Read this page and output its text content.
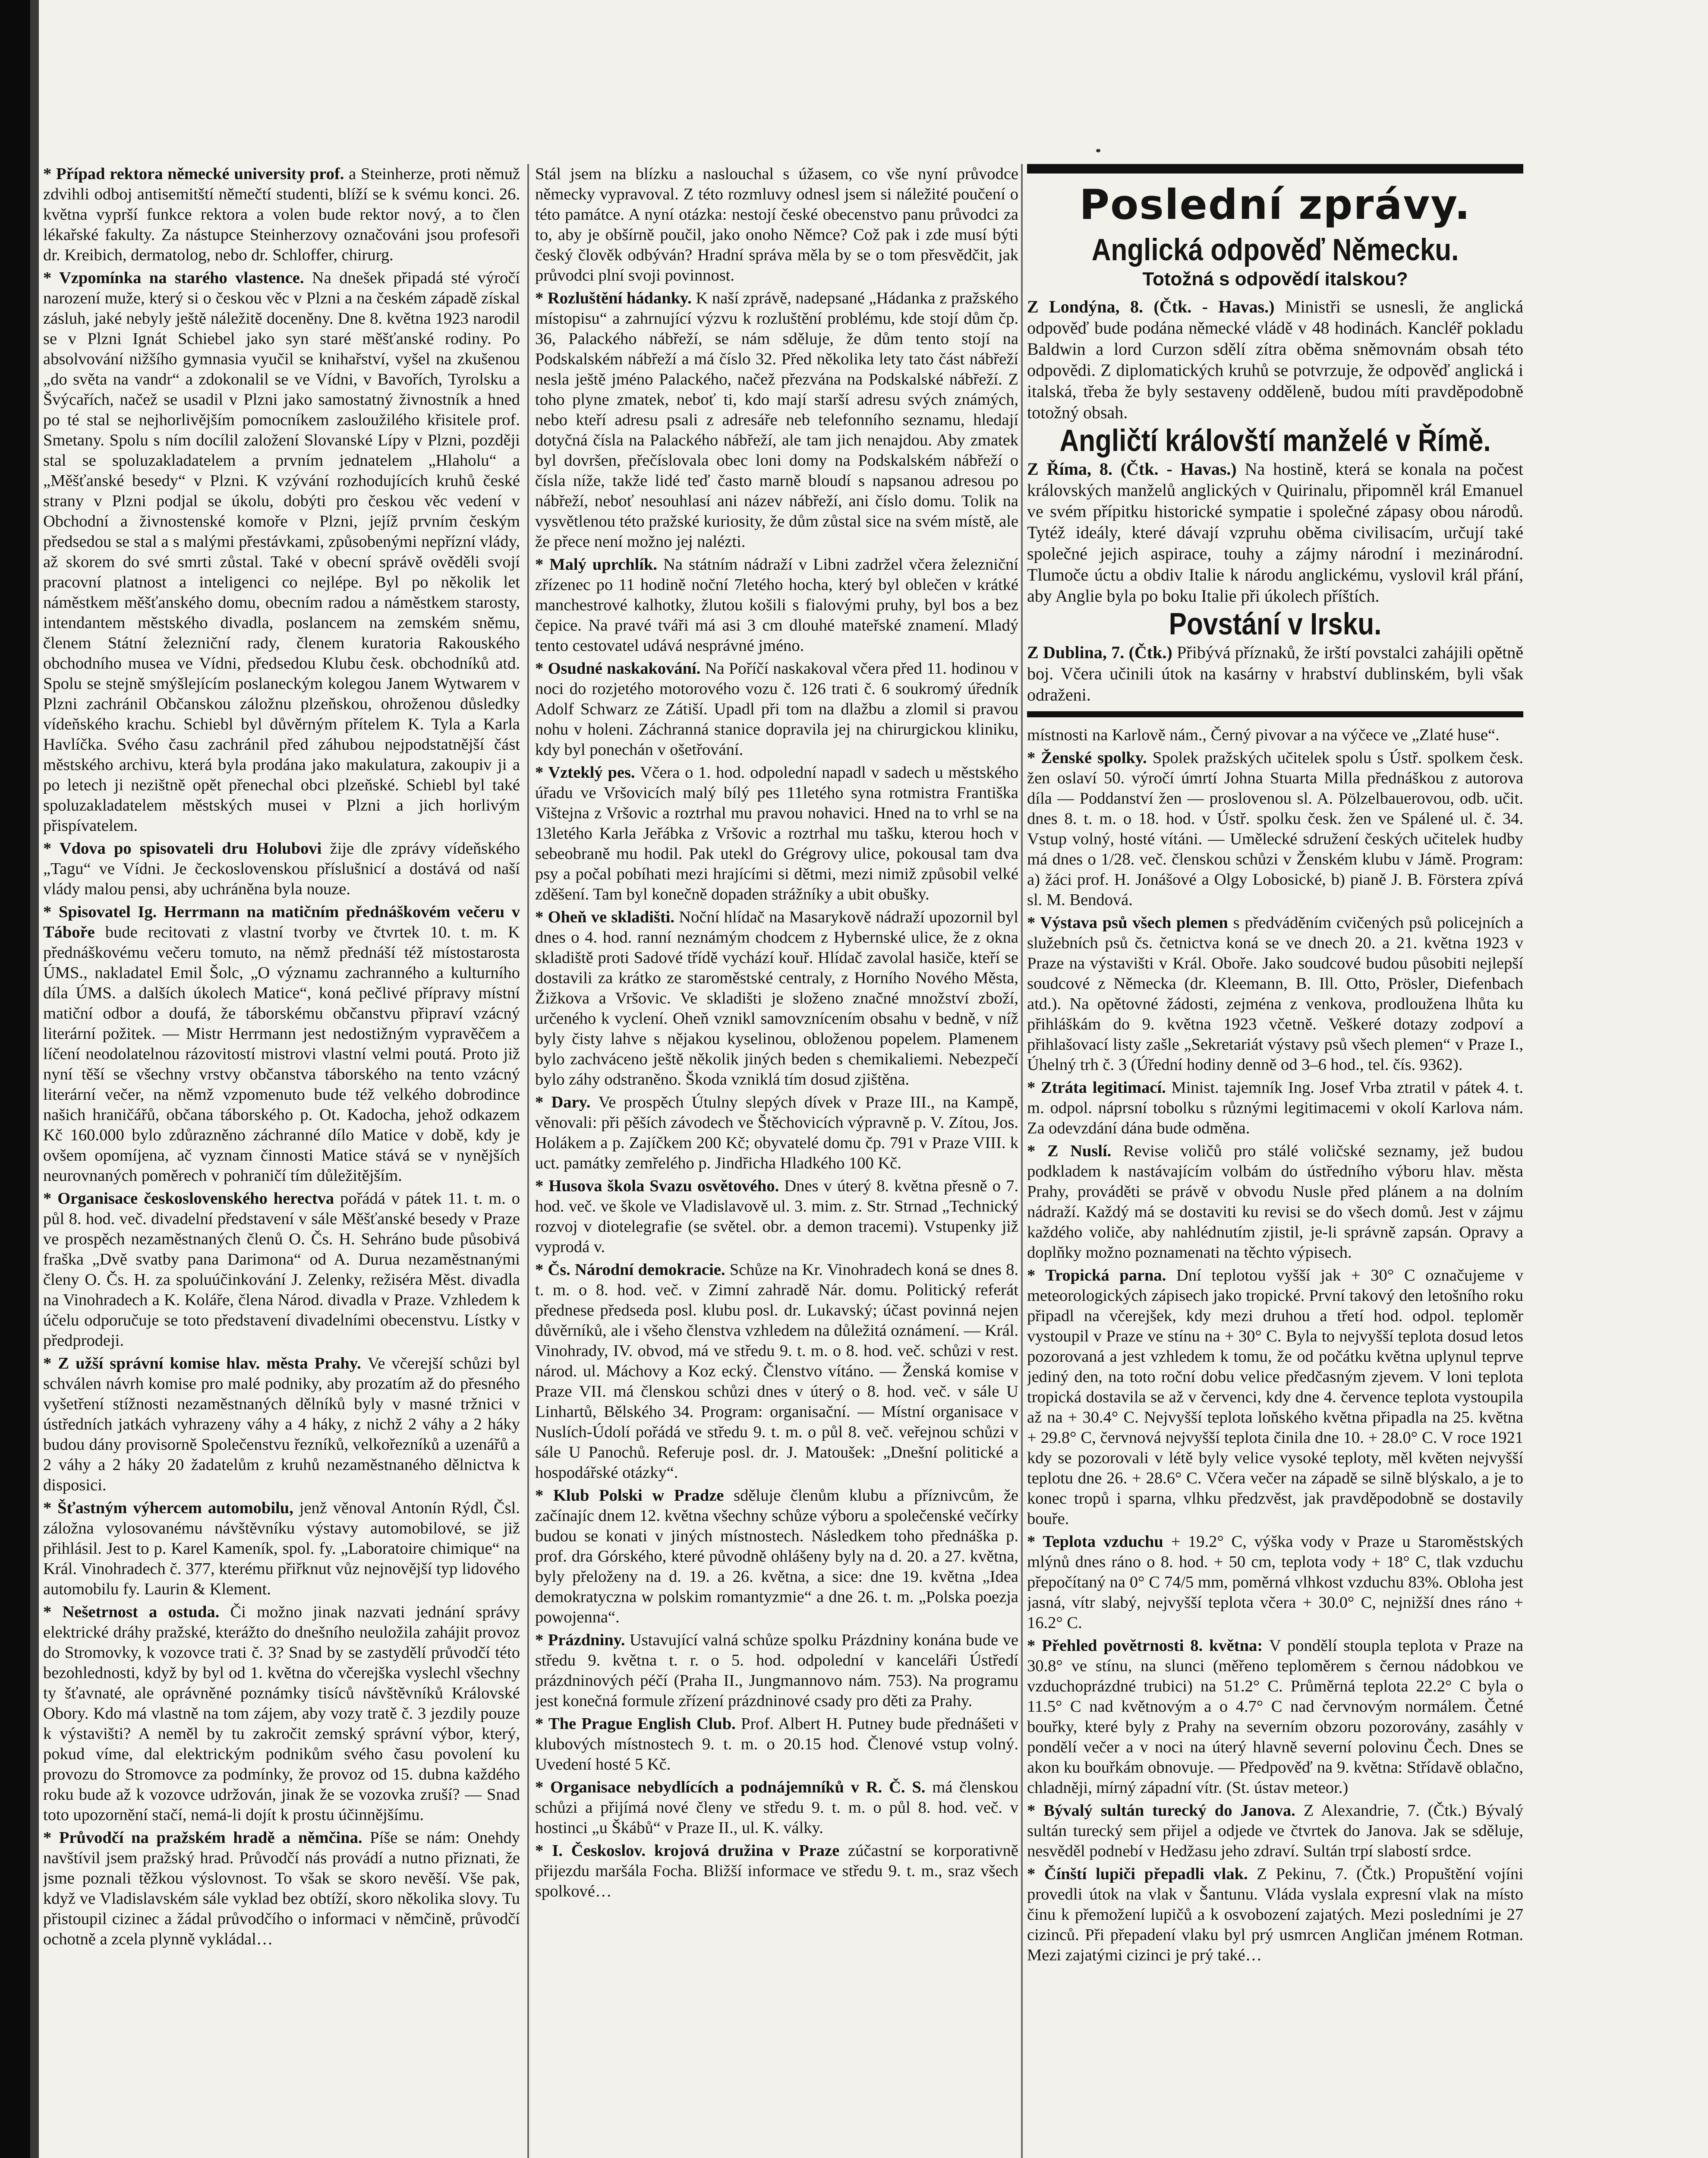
* Případ rektora německé university prof. a Steinherze, proti němuž zdvihli odboj antisemitští němečtí studenti, blíží se k svému konci. 26. května vyprší funkce rektora a volen bude rektor nový, a to člen lékařské fakulty. Za nástupce Steinherzovy označováni jsou profesoři dr. Kreibich, dermatolog, nebo dr. Schloffer, chirurg.

* Vzpomínka na starého vlastence. Na dnešek připadá sté výročí narození muže, který si o českou věc v Plzni a na českém západě získal zásluh, jaké nebyly ještě náležitě doceněny. Dne 8. května 1923 narodil se v Plzni Ignát Schiebel jako syn staré měšťanské rodiny. Po absolvování nižšího gymnasia vyučil se knihařství, vyšel na zkušenou „do světa na vandr“ a zdokonalil se ve Vídni, v Bavořích, Tyrolsku a Švýcařích, načež se usadil v Plzni jako samostatný živnostník a hned po té stal se nejhorlivějším pomocníkem zasloužilého křisitele prof. Smetany. Spolu s ním docílil založení Slovanské Lípy v Plzni, později stal se spoluzakladatelem a prvním jednatelem „Hlaholu“ a „Měšťanské besedy“ v Plzni. K vzývání rozhodujících kruhů české strany v Plzni podjal se úkolu, dobýti pro českou věc vedení v Obchodní a živnostenské komoře v Plzni, jejíž prvním českým předsedou se stal a s malými přestávkami, způsobenými nepřízní vlády, až skorem do své smrti zůstal. Také v obecní správě ověděli svojí pracovní platnost a inteligenci co nejlépe. Byl po několik let náměstkem měšťanského domu, obecním radou a náměstkem starosty, intendantem městského divadla, poslancem na zemském sněmu, členem Státní železniční rady, členem kuratoria Rakouského obchodního musea ve Vídni, předsedou Klubu česk. obchodníků atd. Spolu se stejně smýšlejícím poslaneckým kolegou Janem Wytwarem v Plzni zachránil Občanskou záložnu plzeňskou, ohroženou důsledky vídeňského krachu. Schiebl byl důvěrným přítelem K. Tyla a Karla Havlíčka. Svého času zachránil před záhubou nejpodstatnější část městského archivu, která byla prodána jako makulatura, zakoupiv ji a po letech ji nezištně opět přenechal obci plzeňské. Schiebl byl také spoluzakladatelem městských musei v Plzni a jich horlivým přispívatelem.

* Vdova po spisovateli dru Holubovi žije dle zprávy vídeňského „Tagu“ ve Vídni. Je čeckoslovenskou příslušnicí a dostává od naší vlády malou pensi, aby uchráněna byla nouze.

* Spisovatel Ig. Herrmann na matičním přednáškovém večeru v Táboře bude recitovati z vlastní tvorby ve čtvrtek 10. t. m. K přednáškovému večeru tomuto, na němž přednáší též místostarosta ÚMS., nakladatel Emil Šolc, „O významu zachranného a kulturního díla ÚMS. a dalších úkolech Matice“, koná pečlivé přípravy místní matiční odbor a doufá, že táborskému občanstvu připraví vzácný literární požitek. — Mistr Herrmann jest nedostižným vypravěčem a líčení neodolatelnou rázovitostí mistrovi vlastní velmi poutá. Proto již nyní těší se všechny vrstvy občanstva táborského na tento vzácný literární večer, na němž vzpomenuto bude též velkého dobrodince našich hraničářů, občana táborského p. Ot. Kadocha, jehož odkazem Kč 160.000 bylo zdůrazněno záchranné dílo Matice v době, kdy je ovšem opomíjena, ač vyznam činnosti Matice stává se v nynějších neurovnaných poměrech v pohraničí tím důležitějším.

* Organisace československého herectva pořádá v pátek 11. t. m. o půl 8. hod. več. divadelní představení v sále Měšťanské besedy v Praze ve prospěch nezaměstnaných členů O. Čs. H. Sehráno bude působivá fraška „Dvě svatby pana Darimona“ od A. Duruа nezaměstnanými členy O. Čs. H. za spoluúčinkování J. Zelenky, režiséra Měst. divadla na Vinohradech a K. Koláře, člena Národ. divadla v Praze. Vzhledem k účelu odporučuje se toto představení divadelními obecenstvu. Lístky v předprodeji.

* Z užší správní komise hlav. města Prahy. Ve včerejší schůzi byl schválen návrh komise pro malé podniky, aby prozatím až do přesného vyšetření stížnosti nezaměstnaných dělníků byly v masné tržnici v ústředních jatkách vyhrazeny váhy a 4 háky, z nichž 2 váhy a 2 háky budou dány provisorně Společenstvu řezníků, velkořezníků a uzenářů a 2 váhy a 2 háky 20 žadatelům z kruhů nezaměstnaného dělnictva k disposici.

* Šťastným výhercem automobilu, jenž věnoval Antonín Rýdl, Čsl. záložna vylosovanému návštěvníku výstavy automobilové, se již přihlásil. Jest to p. Karel Kameník, spol. fy. „Laboratoire chimique“ na Král. Vinohradech č. 377, kterému přiřknut vůz nejnovější typ lidového automobilu fy. Laurin & Klement.

* Nešetrnost a ostuda. Či možno jinak nazvati jednání správy elektrické dráhy pražské, kterážto do dnešního neuložila zahájit provoz do Stromovky, k vozovce trati č. 3? Snad by se zastydělí průvodčí této bezohlednosti, když by byl od 1. května do včerejška vyslechl všechny ty šťavnaté, ale oprávněné poznámky tisíců návštěvníků Královské Obory. Kdo má vlastně na tom zájem, aby vozy tratě č. 3 jezdily pouze k výstavišti? A neměl by tu zakročit zemský správní výbor, který, pokud víme, dal elektrickým podnikům svého času povolení ku provozu do Stromovce za podmínky, že provoz od 15. dubna každého roku bude až k vozovce udržován, jinak že se vozovka zruší? — Snad toto upozornění stačí, nemá-li dojít k prostu účinnějšímu.

* Průvodčí na pražském hradě a němčina. Píše se nám: Onehdy navštívil jsem pražský hrad. Průvodčí nás provádí a nutno přiznati, že jsme poznali těžkou výslovnost. To však se skoro nevěší. Vše pak, když ve Vladislavském sále vyklad bez obtíží, skoro několika slovy. Tu přistoupil cizinec a žádal průvodčího o informaci v němčině, průvodčí ochotně a zcela plynně vykládal…

Stál jsem na blízku a naslouchal s úžasem, co vše nyní průvodce německy vypravoval. Z této rozmluvy odnesl jsem si náležité poučení o této památce. A nyní otázka: nestojí české obecenstvo panu průvodci za to, aby je obšírně poučil, jako onoho Němce? Což pak i zde musí býti český člověk odbýván? Hradní správa měla by se o tom přesvědčit, jak průvodci plní svoji povinnost.

* Rozluštění hádanky. K naší zprávě, nadepsané „Hádanka z pražského místopisu“ a zahrnující výzvu k rozluštění problému, kde stojí dům čp. 36, Palackého nábřeží, se nám sděluje, že dům tento stojí na Podskalském nábřeží a má číslo 32. Před několika lety tato část nábřeží nesla ještě jméno Palackého, načež přezvána na Podskalské nábřeží. Z toho plyne zmatek, neboť ti, kdo mají starší adresu svých známých, nebo kteří adresu psali z adresáře neb telefonního seznamu, hledají dotyčná čísla na Palackého nábřeží, ale tam jich nenajdou. Aby zmatek byl dovršen, přečíslovala obec loni domy na Podskalském nábřeží o čísla níže, takže lidé teď často marně bloudí s napsanou adresou po nábřeží, neboť nesouhlasí ani název nábřeží, ani číslo domu. Tolik na vysvětlenou této pražské kuriosity, že dům zůstal sice na svém místě, ale že přece není možno jej nalézti.

* Malý uprchlík. Na státním nádraží v Libni zadržel včera železniční zřízenec po 11 hodině noční 7letého hocha, který byl oblečen v krátké manchestrové kalhotky, žlutou košili s fialovými pruhy, byl bos a bez čepice. Na pravé tváři má asi 3 cm dlouhé mateřské znamení. Mladý tento cestovatel udává nesprávné jméno.

* Osudné naskakování. Na Poříčí naskakoval včera před 11. hodinou v noci do rozjetého motorového vozu č. 126 trati č. 6 soukromý úředník Adolf Schwarz ze Zátiší. Upadl při tom na dlažbu a zlomil si pravou nohu v holeni. Záchranná stanice dopravila jej na chirurgickou kliniku, kdy byl ponechán v ošetřování.

* Vzteklý pes. Včera o 1. hod. odpolední napadl v sadech u městského úřadu ve Vršovicích malý bílý pes 11letého syna rotmistra Františka Vištejna z Vršovic a roztrhal mu pravou nohavici. Hned na to vrhl se na 13letého Karla Jeřábka z Vršovic a roztrhal mu tašku, kterou hoch v sebeobraně mu hodil. Pak utekl do Grégrovy ulice, pokousal tam dva psy a počal pobíhati mezi hrajícími si dětmi, mezi nimiž způsobil velké zděšení. Tam byl konečně dopaden strážníky a ubit obušky.

* Oheň ve skladišti. Noční hlídač na Masarykově nádraží upozornil byl dnes o 4. hod. ranní neznámým chodcem z Hybernské ulice, že z okna skladiště proti Sadové třídě vychází kouř. Hlídač zavolal hasiče, kteří se dostavili za krátko ze staroměstské centraly, z Horního Nového Města, Žižkova a Vršovic. Ve skladišti je složeno značné množství zboží, určeného k vyclení. Oheň vznikl samovznícením obsahu v bedně, v níž byly čisty lahve s nějakou kyselinou, obloženou popelem. Plamenem bylo zachváceno ještě několik jiných beden s chemikaliemi. Nebezpečí bylo záhy odstraněno. Škoda vzniklá tím dosud zjištěna.

* Dary. Ve prospěch Útulny slepých dívek v Praze III., na Kampě, věnovali: při pěších závodech ve Štěchovicích výpravně p. V. Zítou, Jos. Holákem a p. Zajíčkem 200 Kč; obyvatelé domu čp. 791 v Praze VIII. k uct. památky zemřelého p. Jindřicha Hladkého 100 Kč.

* Husova škola Svazu osvětového. Dnes v úterý 8. května přesně o 7. hod. več. ve škole ve Vladislavově ul. 3. mim. z. Str. Strnad „Technický rozvoj v diotelegrafie (se světel. obr. a demon tracemi). Vstupenky již vyprodá v.

* Čs. Národní demokracie. Schůze na Kr. Vinohradech koná se dnes 8. t. m. o 8. hod. več. v Zimní zahradě Nár. domu. Politický referát přednese předseda posl. klubu posl. dr. Lukavský; účast povinná nejen důvěrníků, ale i všeho členstva vzhledem na důležitá oznámení. — Král. Vinohrady, IV. obvod, má ve středu 9. t. m. o 8. hod. več. schůzi v rest. národ. ul. Máchovy a Koz ecký. Členstvo vítáno. — Ženská komise v Praze VII. má členskou schůzi dnes v úterý o 8. hod. več. v sále U Linhartů, Bělského 34. Program: organisační. — Místní organisace v Nuslích-Údolí pořádá ve středu 9. t. m. o půl 8. več. veřejnou schůzi v sále U Panochů. Referuje posl. dr. J. Matoušek: „Dnešní politické a hospodářské otázky“.

* Klub Polski w Pradze sděluje členům klubu a příznivcům, že začínajíc dnem 12. května všechny schůze výboru a společenské večírky budou se konati v jiných místnostech. Následkem toho přednáška p. prof. dra Górského, které původně ohlášeny byly na d. 20. a 27. května, byly přeloženy na d. 19. a 26. května, a sice: dne 19. května „Idea demokratyczna w polskim romantyzmie“ a dne 26. t. m. „Polska poezja powojenna“.

* Prázdniny. Ustavující valná schůze spolku Prázdniny konána bude ve středu 9. května t. r. o 5. hod. odpolední v kanceláři Ústředí prázdninových péčí (Praha II., Jungmannovo nám. 753). Na programu jest konečná formule zřízení prázdninové csady pro děti za Prahy.

* The Prague English Club. Prof. Albert H. Putney bude přednášeti v klubových místnostech 9. t. m. o 20.15 hod. Členové vstup volný. Uvedení hosté 5 Kč.

* Organisace nebydlících a podnájemníků v R. Č. S. má členskou schůzi a přijímá nové členy ve středu 9. t. m. o půl 8. hod. več. v hostinci „u Škábů“ v Praze II., ul. K. války.

* I. Českoslov. krojová družina v Praze zúčastní se korporativně přijezdu maršála Focha. Bližší informace ve středu 9. t. m., sraz všech spolkové…

Poslední zprávy.
Anglická odpověď Německu.
Totožná s odpovědí italskou?

Z Londýna, 8. (Čtk. - Havas.) Ministři se usnesli, že anglická odpověď bude podána německé vládě v 48 hodinách. Kancléř pokladu Baldwin a lord Curzon sdělí zítra oběma sněmovnám obsah této odpovědi. Z diplomatických kruhů se potvrzuje, že odpověď anglická i italská, třeba že byly sestaveny odděleně, budou míti pravděpodobně totožný obsah.

Angličtí královští manželé v Římě.

Z Říma, 8. (Čtk. - Havas.) Na hostině, která se konala na počest královských manželů anglických v Quirinalu, připomněl král Emanuel ve svém přípitku historické sympatie i společné zápasy obou národů. Tytéž ideály, které dávají vzpruhu oběma civilisacím, určují také společné jejich aspirace, touhy a zájmy národní i mezinárodní. Tlumoče úctu a obdiv Italie k národu anglickému, vyslovil král přání, aby Anglie byla po boku Italie při úkolech příštích.

Povstání v Irsku.

Z Dublina, 7. (Čtk.) Přibývá příznaků, že irští povstalci zahájili opětně boj. Včera učinili útok na kasárny v hrabství dublinském, byli však odraženi.

místnosti na Karlově nám., Černý pivovar a na výčece ve „Zlaté huse“.

* Ženské spolky. Spolek pražských učitelek spolu s Ústř. spolkem česk. žen oslaví 50. výročí úmrtí Johna Stuarta Milla přednáškou z autorova díla — Poddanství žen — proslovenou sl. A. Pölzelbauerovou, odb. učit. dnes 8. t. m. o 18. hod. v Ústř. spolku česk. žen ve Spálené ul. č. 34. Vstup volný, hosté vítáni. — Umělecké sdružení českých učitelek hudby má dnes o 1/28. več. členskou schůzi v Ženském klubu v Jámě. Program: a) žáci prof. H. Jonášové a Olgy Lobosické, b) pianě J. B. Förstera zpívá sl. M. Bendová.

* Výstava psů všech plemen s předváděním cvičených psů policejních a služebních psů čs. četnictva koná se ve dnech 20. a 21. května 1923 v Praze na výstavišti v Král. Oboře. Jako soudcové budou působiti nejlepší soudcové z Německa (dr. Kleemann, B. Ill. Otto, Prösler, Diefenbach atd.). Na opětovné žádosti, zejména z venkova, prodlouženа lhůta ku přihláškám do 9. května 1923 včetně. Veškeré dotazy zodpoví a přihlašovací listy zašle „Sekretariát výstavy psů všech plemen“ v Praze I., Úhelný trh č. 3 (Úřední hodiny denně od 3–6 hod., tel. čís. 9362).

* Ztráta legitimací. Minist. tajemník Ing. Josef Vrba ztratil v pátek 4. t. m. odpol. náprsní tobolku s různými legitimacemi v okolí Karlova nám. Za odevzdání dána bude odměna.

* Z Nuslí. Revise voličů pro stálé voličské seznamy, jež budou podkladem k nastávajícím volbám do ústředního výboru hlav. města Prahy, prováděti se právě v obvodu Nusle před plánem a na dolním nádraží. Každý má se dostaviti ku revisi se do všech domů. Jest v zájmu každého voliče, aby nahlédnutím zjistil, je-li správně zapsán. Opravy a doplňky možno poznamenati na těchto výpisech.

* Tropická parna. Dní teplotou vyšší jak + 30° C označujeme v meteorologických zápisech jako tropické. První takový den letošního roku připadl na včerejšek, kdy mezi druhou a třetí hod. odpol. teploměr vystoupil v Praze ve stínu na + 30° C. Byla to nejvyšší teplota dosud letos pozorovaná a jest vzhledem k tomu, že od počátku května uplynul teprve jediný den, na toto roční dobu velice předčasným zjevem. V loni teplota tropická dostavila se až v červenci, kdy dne 4. července teplota vystoupila až na + 30.4° C. Nejvyšší teplota loňského května připadla na 25. května + 29.8° C, červnová nejvyšší teplota činila dne 10. + 28.0° C. V roce 1921 kdy se pozorovali v létě byly velice vysoké teploty, měl květen nejvyšší teplotu dne 26. + 28.6° C. Včera večer na západě se silně blýskalo, a je to konec tropů i sparna, vlhku předzvěst, jak pravděpodobně se dostavily bouře.

* Teplota vzduchu + 19.2° C, výška vody v Praze u Staroměstských mlýnů dnes ráno o 8. hod. + 50 cm, teplota vody + 18° C, tlak vzduchu přepočítaný na 0° C 74/5 mm, poměrná vlhkost vzduchu 83%. Obloha jest jasná, vítr slabý, nejvyšší teplota včera + 30.0° C, nejnižší dnes ráno + 16.2° C.

* Přehled povětrnosti 8. května: V pondělí stoupla teplota v Praze na 30.8° ve stínu, na slunci (měřeno teploměrem s černou nádobkou ve vzduchoprázdné trubici) na 51.2° C. Průměrná teplota 22.2° C byla o 11.5° C nad květnovým a o 4.7° C nad červnovým normálem. Četné bouřky, které byly z Prahy na severním obzoru pozorovány, zasáhly v pondělí večer a v noci na úterý hlavně severní polovinu Čech. Dnes se akon ku bouřkám obnovuje. — Předpověď na 9. května: Střídavě oblačno, chladněji, mírný západní vítr. (St. ústav meteor.)

* Bývalý sultán turecký do Janova. Z Alexandrie, 7. (Čtk.) Bývalý sultán turecký sem přijel a odjede ve čtvrtek do Janova. Jak se sděluje, nesvěděl podnebí v Hedžasu jeho zdraví. Sultán trpí slabostí srdce.

* Čínští lupiči přepadli vlak. Z Pekinu, 7. (Čtk.) Propuštění vojíni provedli útok na vlak v Šantunu. Vláda vyslala expresní vlak na místo činu k přemožení lupičů a k osvobození zajatých. Mezi posledními je 27 cizinců. Při přepadení vlaku byl prý usmrcen Angličan jménem Rotman. Mezi zajatými cizinci je prý také…
